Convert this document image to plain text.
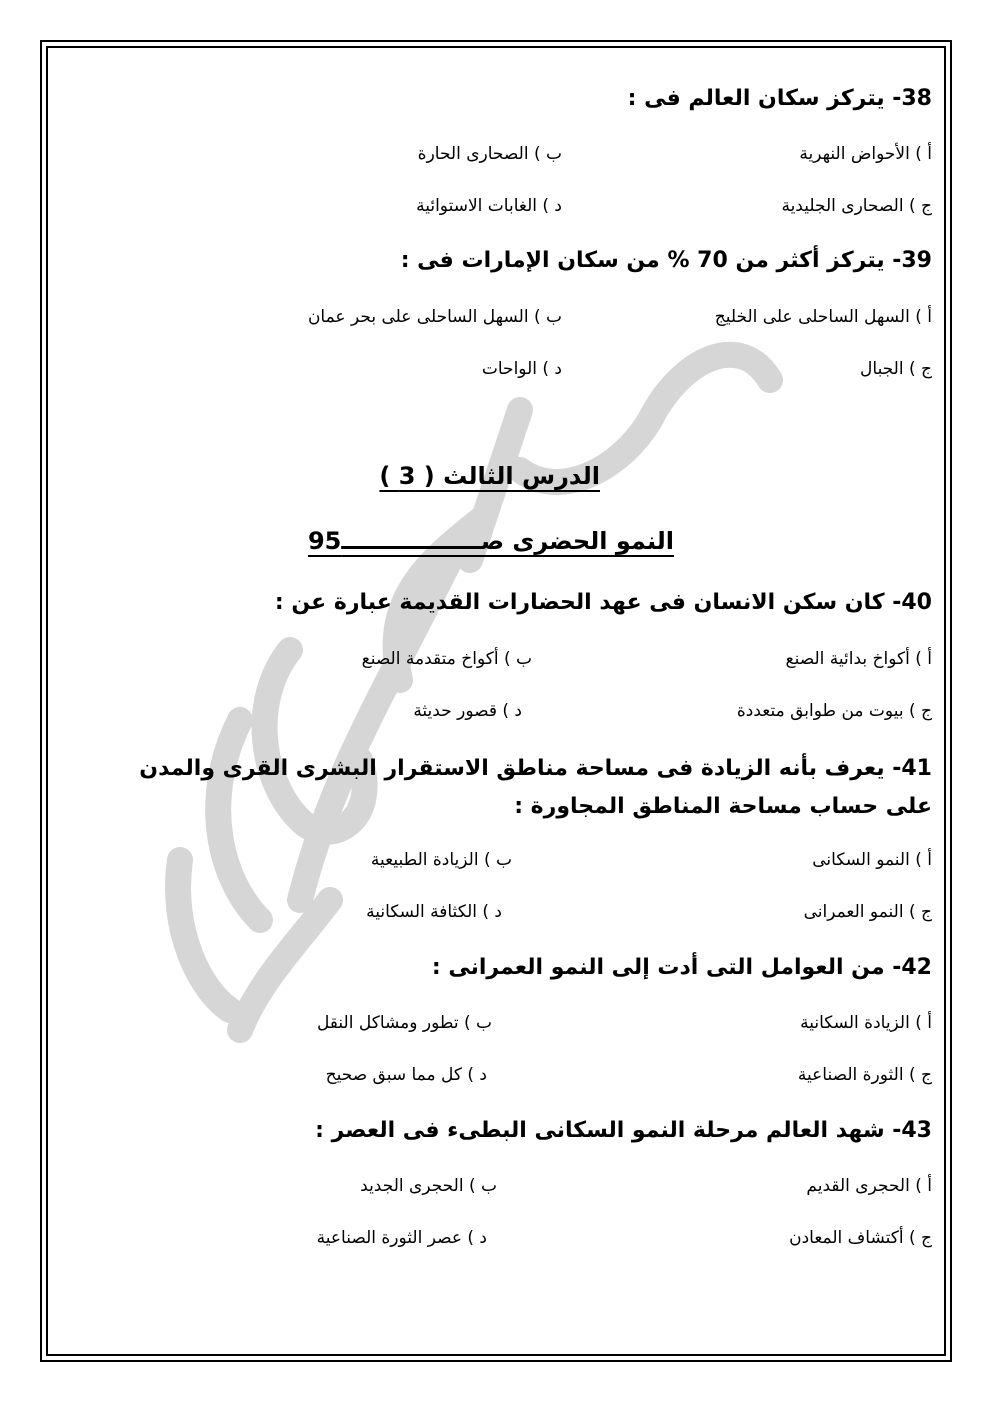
38- يتركز سكان العالم فى :

أ ) الأحواض النهرية

ب ) الصحارى الحارة

ج ) الصحارى الجليدية

د ) الغابات الاستوائية

39- يتركز أكثر من 70 % من سكان الإمارات فى :

أ ) السهل الساحلى على الخليج

ب ) السهل الساحلى على بحر عمان

ج ) الجبال

د ) الواحات

الدرس الثالث ( 3 )

النمو الحضرى صـــــــــــــــــ95

40- كان سكن الانسان فى عهد الحضارات القديمة عبارة عن :

أ ) أكواخ بدائية الصنع

ب ) أكواخ متقدمة الصنع

ج ) بيوت من طوابق متعددة

د ) قصور حديثة

41- يعرف بأنه الزيادة فى مساحة مناطق الاستقرار البشرى القرى والمدن على حساب مساحة المناطق المجاورة :

أ ) النمو السكانى

ب ) الزيادة الطبيعية

ج ) النمو العمرانى

د ) الكثافة السكانية

42- من العوامل التى أدت إلى النمو العمرانى :

أ ) الزيادة السكانية

ب ) تطور ومشاكل النقل

ج ) الثورة الصناعية

د ) كل مما سبق صحيح

43- شهد العالم مرحلة النمو السكانى البطىء فى العصر :

أ ) الحجرى القديم

ب ) الحجرى الجديد

ج ) أكتشاف المعادن

د ) عصر الثورة الصناعية
